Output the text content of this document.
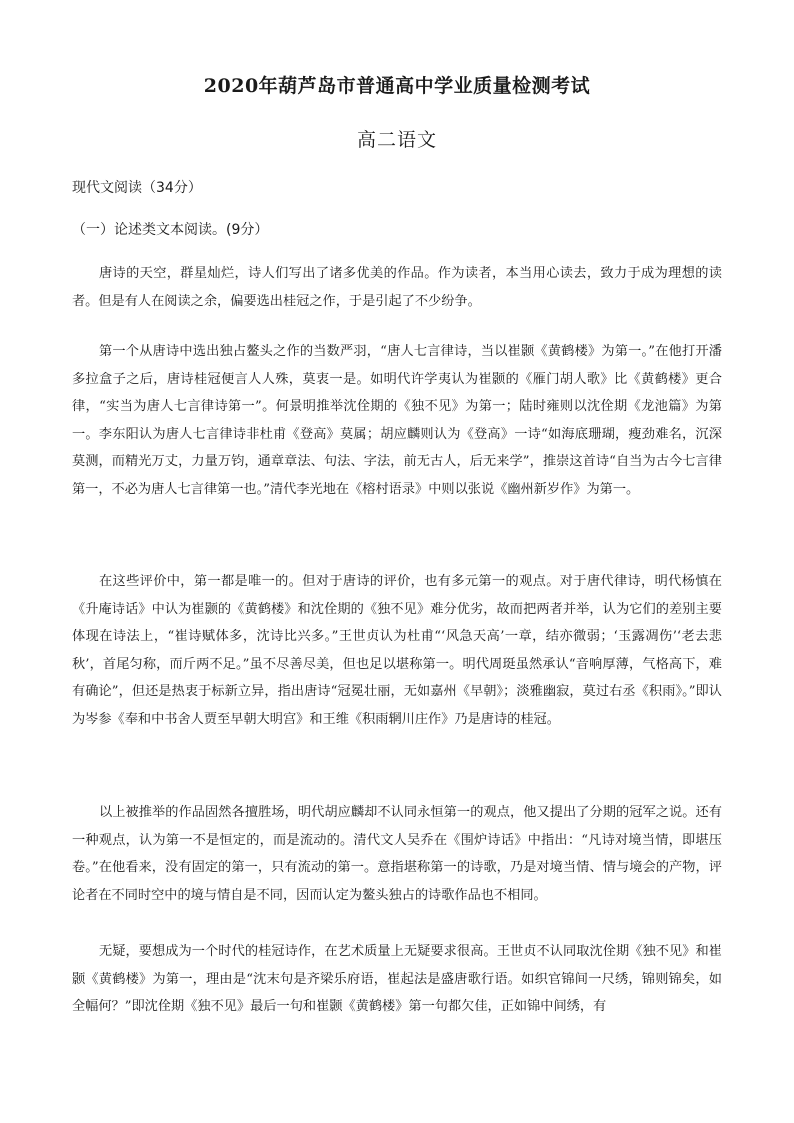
2020年葫芦岛市普通高中学业质量检测考试
高二语文
现代文阅读（34分）
（一）论述类文本阅读。(9分）

唐诗的天空，群星灿烂，诗人们写出了诸多优美的作品。作为读者，本当用心读去，致力于成为理想的读者。但是有人在阅读之余，偏要选出桂冠之作，于是引起了不少纷争。

第一个从唐诗中选出独占鳌头之作的当数严羽，“唐人七言律诗，当以崔颢《黄鹤楼》为第一。”在他打开潘多拉盒子之后，唐诗桂冠便言人人殊，莫衷一是。如明代许学夷认为崔颢的《雁门胡人歌》比《黄鹤楼》更合律，“实当为唐人七言律诗第一”。何景明推举沈佺期的《独不见》为第一；陆时雍则以沈佺期《龙池篇》为第一。李东阳认为唐人七言律诗非杜甫《登高》莫属；胡应麟则认为《登高》一诗“如海底珊瑚，瘦劲难名，沉深莫测，而精光万丈，力量万钧，通章章法、句法、字法，前无古人，后无来学”，推崇这首诗“自当为古今七言律第一，不必为唐人七言律第一也。”清代李光地在《榕村语录》中则以张说《幽州新岁作》为第一。

在这些评价中，第一都是唯一的。但对于唐诗的评价，也有多元第一的观点。对于唐代律诗，明代杨慎在《升庵诗话》中认为崔颢的《黄鹤楼》和沈佺期的《独不见》难分优劣，故而把两者并举，认为它们的差别主要体现在诗法上，“崔诗赋体多，沈诗比兴多。”王世贞认为杜甫“‘风急天高’一章，结亦微弱；‘玉露凋伤’‘老去悲秋’，首尾匀称，而斤两不足。”虽不尽善尽美，但也足以堪称第一。明代周珽虽然承认“音响厚薄，气格高下，难有确论”，但还是热衷于标新立异，指出唐诗“冠冕壮丽，无如嘉州《早朝》；淡雅幽寂，莫过右丞《积雨》。”即认为岑参《奉和中书舍人贾至早朝大明宫》和王维《积雨辋川庄作》乃是唐诗的桂冠。

以上被推举的作品固然各擅胜场，明代胡应麟却不认同永恒第一的观点，他又提出了分期的冠军之说。还有一种观点，认为第一不是恒定的，而是流动的。清代文人吴乔在《围炉诗话》中指出：“凡诗对境当情，即堪压卷。”在他看来，没有固定的第一，只有流动的第一。意指堪称第一的诗歌，乃是对境当情、情与境会的产物，评论者在不同时空中的境与情自是不同，因而认定为鳌头独占的诗歌作品也不相同。

无疑，要想成为一个时代的桂冠诗作，在艺术质量上无疑要求很高。王世贞不认同取沈佺期《独不见》和崔颢《黄鹤楼》为第一，理由是“沈末句是齐梁乐府语，崔起法是盛唐歌行语。如织官锦间一尺绣，锦则锦矣，如全幅何？”即沈佺期《独不见》最后一句和崔颢《黄鹤楼》第一句都欠佳，正如锦中间绣，有
